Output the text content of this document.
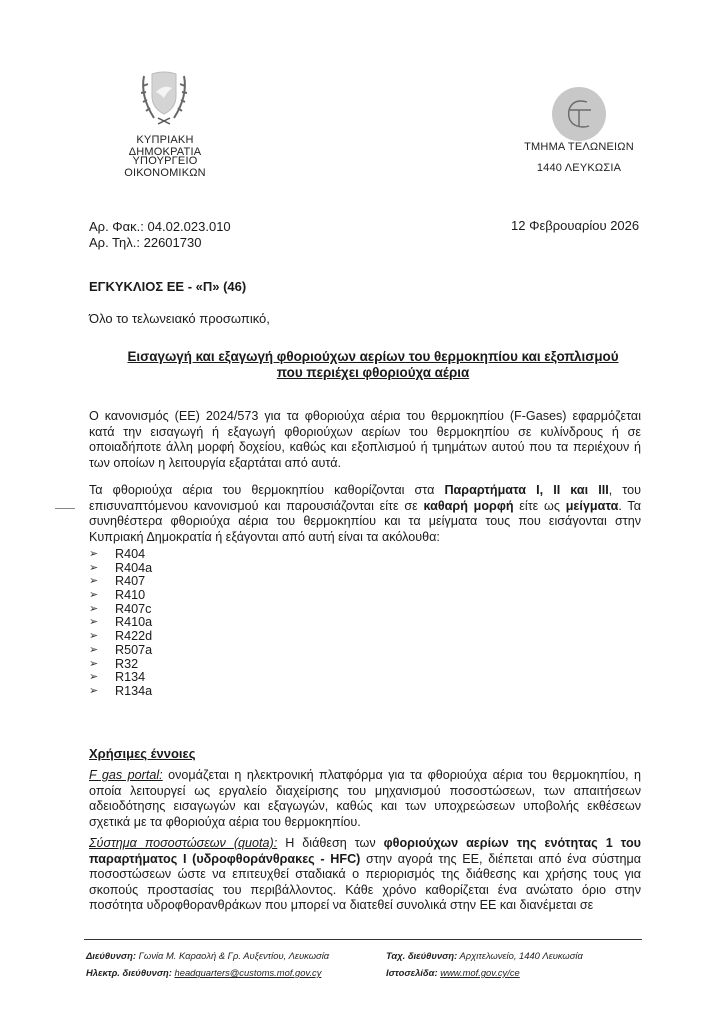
ΚΥΠΡΙΑΚΗ ΔΗΜΟΚΡΑΤΙΑ
ΥΠΟΥΡΓΕΙΟ ΟΙΚΟΝΟΜΙΚΩΝ
ΤΜΗΜΑ ΤΕΛΩΝΕΙΩΝ
1440 ΛΕΥΚΩΣΙΑ
Αρ. Φακ.: 04.02.023.010
Αρ. Τηλ.: 22601730
12 Φεβρουαρίου 2026
ΕΓΚΥΚΛΙΟΣ ΕΕ - «Π» (46)
Όλο το τελωνειακό προσωπικό,
Εισαγωγή και εξαγωγή φθοριούχων αερίων του θερμοκηπίου και εξοπλισμού
που περιέχει φθοριούχα αέρια
Ο κανονισμός (ΕΕ) 2024/573 για τα φθοριούχα αέρια του θερμοκηπίου (F-Gases) εφαρμόζεται κατά την εισαγωγή ή εξαγωγή φθοριούχων αερίων του θερμοκηπίου σε κυλίνδρους ή σε οποιαδήποτε άλλη μορφή δοχείου, καθώς και εξοπλισμού ή τμημάτων αυτού που τα περιέχουν ή των οποίων η λειτουργία εξαρτάται από αυτά.
Τα φθοριούχα αέρια του θερμοκηπίου καθορίζονται στα Παραρτήματα I, II και III, του επισυναπτόμενου κανονισμού και παρουσιάζονται είτε σε καθαρή μορφή είτε ως μείγματα. Τα συνηθέστερα φθοριούχα αέρια του θερμοκηπίου και τα μείγματα τους που εισάγονται στην Κυπριακή Δημοκρατία ή εξάγονται από αυτή είναι τα ακόλουθα:
➢	R404
➢	R404a
➢	R407
➢	R410
➢	R407c
➢	R410a
➢	R422d
➢	R507a
➢	R32
➢	R134
➢	R134a
Χρήσιμες έννοιες
F gas portal: ονομάζεται η ηλεκτρονική πλατφόρμα για τα φθοριούχα αέρια του θερμοκηπίου, η οποία λειτουργεί ως εργαλείο διαχείρισης του μηχανισμού ποσοστώσεων, των απαιτήσεων αδειοδότησης εισαγωγών και εξαγωγών, καθώς και των υποχρεώσεων υποβολής εκθέσεων σχετικά με τα φθοριούχα αέρια του θερμοκηπίου.
Σύστημα ποσοστώσεων (quota): Η διάθεση των φθοριούχων αερίων της ενότητας 1 του παραρτήματος I (υδροφθοράνθρακες - HFC) στην αγορά της ΕΕ, διέπεται από ένα σύστημα ποσοστώσεων ώστε να επιτευχθεί σταδιακά ο περιορισμός της διάθεσης και χρήσης τους για σκοπούς προστασίας του περιβάλλοντος. Κάθε χρόνο καθορίζεται ένα ανώτατο όριο στην ποσότητα υδροφθορανθράκων που μπορεί να διατεθεί συνολικά στην ΕΕ και διανέμεται σε
Διεύθυνση: Γωνία Μ. Καραολή & Γρ. Αυξεντίου, Λευκωσία
Ηλεκτρ. διεύθυνση: headquarters@customs.mof.gov.cy
Ταχ. διεύθυνση: Αρχιτελωνείο, 1440 Λευκωσία
Ιστοσελίδα: www.mof.gov.cy/ce
